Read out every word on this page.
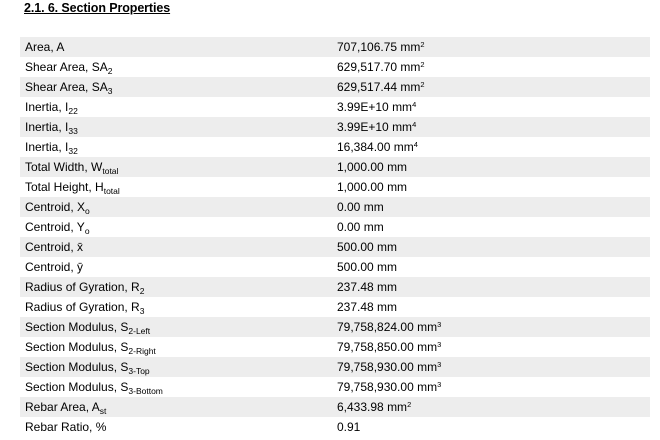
2.1. 6. Section Properties
Area, A	707,106.75 $mm^2$
Shear Area, $SA_2$	629,517.70 $mm^2$
Shear Area, $SA_3$	629,517.44 $mm^2$
Inertia, $I_{22}$	3.99E+10 $mm^4$
Inertia, $I_{33}$	3.99E+10 $mm^4$
Inertia, $I_{32}$	16,384.00 $mm^4$
Total Width, $W_{total}$	1,000.00 mm
Total Height, $H_{total}$	1,000.00 mm
Centroid, $X_o$	0.00 mm
Centroid, $Y_o$	0.00 mm
Centroid, x̄	500.00 mm
Centroid, ȳ	500.00 mm
Radius of Gyration, $R_2$	237.48 mm
Radius of Gyration, $R_3$	237.48 mm
Section Modulus, $S_{2-Left}$	79,758,824.00 $mm^3$
Section Modulus, $S_{2-Right}$	79,758,850.00 $mm^3$
Section Modulus, $S_{3-Top}$	79,758,930.00 $mm^3$
Section Modulus, $S_{3-Bottom}$	79,758,930.00 $mm^3$
Rebar Area, $A_{st}$	6,433.98 $mm^2$
Rebar Ratio, %	0.91
